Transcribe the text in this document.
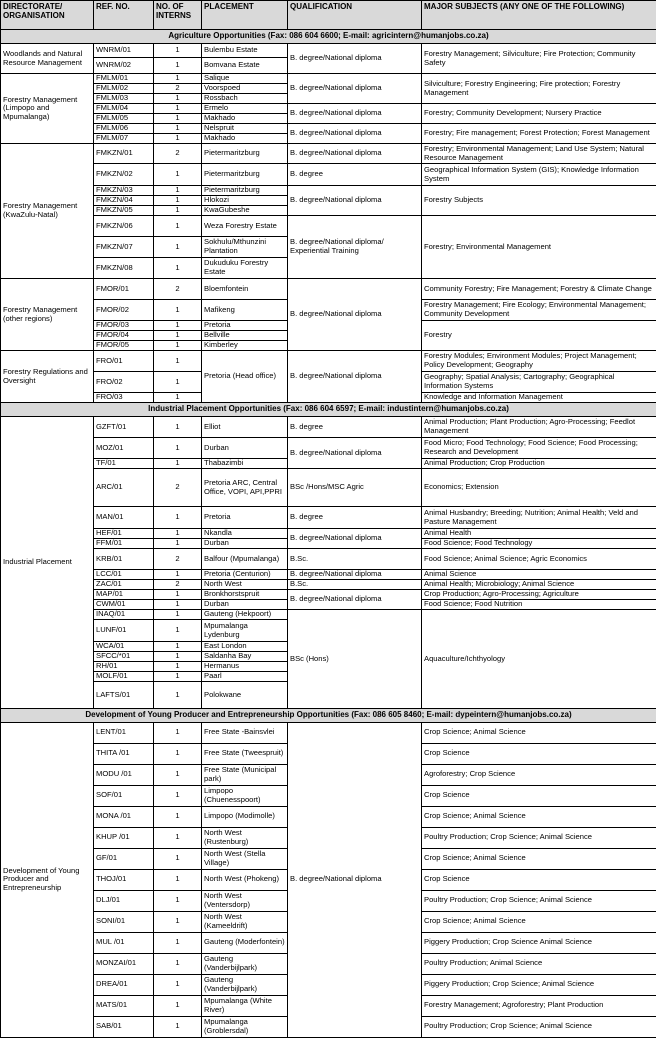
DIRECTORATE/ ORGANISATION	REF. NO.	NO. OF INTERNS	PLACEMENT	QUALIFICATION	MAJOR SUBJECTS (ANY ONE OF THE FOLLOWING)	
Agriculture Opportunities (Fax: 086 604 6600; E-mail: agricintern@humanjobs.co.za)						
Woodlands and Natural Resource Management	WNRM/01	1	Bulembu Estate	B. degree/National diploma	Forestry Management; Silviculture; Fire Protection; Community Safety	
	WNRM/02	1	Bomvana Estate			
Forestry Management (Limpopo and Mpumalanga)	FMLM/01	1	Salique	B. degree/National diploma	Silviculture; Forestry Engineering; Fire protection; Forestry Management	
	FMLM/02	2	Voorspoed			
	FMLM/03	1	Rossbach			
	FMLM/04	1	Ermelo	B. degree/National diploma	Forestry; Community Development; Nursery Practice	
	FMLM/05	1	Makhado			
	FMLM/06	1	Nelspruit	B. degree/National diploma	Forestry; Fire management; Forest Protection; Forest Management	
	FMLM/07	1	Makhado			
Forestry Management (KwaZulu-Natal)	FMKZN/01	2	Pietermaritzburg	B. degree/National diploma	Forestry; Environmental Management; Land Use System; Natural Resource Management	
	FMKZN/02	1	Pietermaritzburg	B. degree	Geographical Information System (GIS); Knowledge Information System	
	FMKZN/03	1	Pietermaritzburg	B. degree/National diploma	Forestry Subjects	
	FMKZN/04	1	Hlokozi			
	FMKZN/05	1	KwaGubeshe			
	FMKZN/06	1	Weza Forestry Estate	B. degree/National diploma/ Experiential Training	Forestry; Environmental Management	
	FMKZN/07	1	Sokhulu/Mthunzini Plantation			
	FMKZN/08	1	Dukuduku Forestry Estate			
Forestry Management (other regions)	FMOR/01	2	Bloemfontein	B. degree/National diploma	Community Forestry; Fire Management; Forestry & Climate Change	
	FMOR/02	1	Mafikeng		Forestry Management; Fire Ecology; Environmental Management; Community Development	
	FMOR/03	1	Pretoria		Forestry	
	FMOR/04	1	Bellville			
	FMOR/05	1	Kimberley			
Forestry Regulations and Oversight	FRO/01	1	Pretoria (Head office)	B. degree/National diploma	Forestry Modules; Environment Modules; Project Management; Policy Development; Geography	
	FRO/02	1			Geography; Spatial Analysis; Cartography; Geographical Information Systems	
	FRO/03	1			Knowledge and Information Management	
Industrial Placement Opportunities (Fax: 086 604 6597; E-mail: industintern@humanjobs.co.za)						
Industrial Placement	GZFT/01	1	Elliot	B. degree	Animal Production; Plant Production; Agro-Processing; Feedlot Management	
	MOZ/01	1	Durban	B. degree/National diploma	Food Micro; Food Technology; Food Science; Food Processing; Research and Development	
	TF/01	1	Thabazimbi		Animal Production; Crop Production	
	ARC/01	2	Pretoria ARC, Central Office, VOPI, API,PPRI	BSc /Hons/MSC Agric	Economics; Extension	
	MAN/01	1	Pretoria	B. degree	Animal Husbandry; Breeding; Nutrition; Animal Health; Veld and Pasture Management	
	HEF/01	1	Nkandla	B. degree/National diploma	Animal Health	
	FFM/01	1	Durban		Food Science; Food Technology	
	KRB/01	2	Balfour (Mpumalanga)	B.Sc.	Food Science; Animal Science; Agric Economics	
	LCC/01	1	Pretoria (Centurion)	B. degree/National diploma	Animal Science	
	ZAC/01	2	North West	B.Sc.	Animal Health; Microbiology; Animal Science	
	MAP/01	1	Bronkhorstspruit	B. degree/National diploma	Crop Production; Agro-Processing; Agriculture	
	CWM/01	1	Durban		Food Science; Food Nutrition	
	INAQ/01	1	Gauteng (Hekpoort)	BSc (Hons)	Aquaculture/Ichthyology	
	LUNF/01	1	Mpumalanga Lydenburg			
	WCA/01	1	East London			
	SFCC/*01	1	Saldanha Bay			
	RH/01	1	Hermanus			
	MOLF/01	1	Paarl			
	LAFTS/01	1	Polokwane		
Development of Young Producer and Entrepreneurship Opportunities (Fax: 086 605 8460; E-mail: dypeintern@humanjobs.co.za)						
Development of Young Producer and Entrepreneurship	LENT/01	1	Free State -Bainsvlei	B. degree/National diploma	Crop Science; Animal Science	
	THITA /01	1	Free State (Tweespruit)		Crop Science	
	MODU /01	1	Free State (Municipal park)		Agroforestry; Crop Science	
	SOF/01	1	Limpopo (Chuenesspoort)		Crop Science	
	MONA /01	1	Limpopo (Modimolle)		Crop Science; Animal Science	
	KHUP /01	1	North West (Rustenburg)		Poultry Production; Crop Science; Animal Science	
	GF/01	1	North West (Stella Village)		Crop Science; Animal Science	
	THOJ/01	1	North West (Phokeng)		Crop Science	
	DLJ/01	1	North West (Ventersdorp)		Poultry Production; Crop Science; Animal Science	
	SONI/01	1	North West (Kameeldrift)		Crop Science; Animal Science	
	MUL /01	1	Gauteng (Moderfontein)		Piggery Production; Crop Science Animal Science	
	MONZAI/01	1	Gauteng (Vanderbijlpark)		Poultry Production; Animal Science	
	DREA/01	1	Gauteng (Vanderbijlpark)		Piggery Production; Crop Science; Animal Science	
	MATS/01	1	Mpumalanga (White River)		Forestry Management; Agroforestry; Plant Production	
	SAB/01	1	Mpumalanga (Groblersdal)		Poultry Production; Crop Science; Animal Science	
